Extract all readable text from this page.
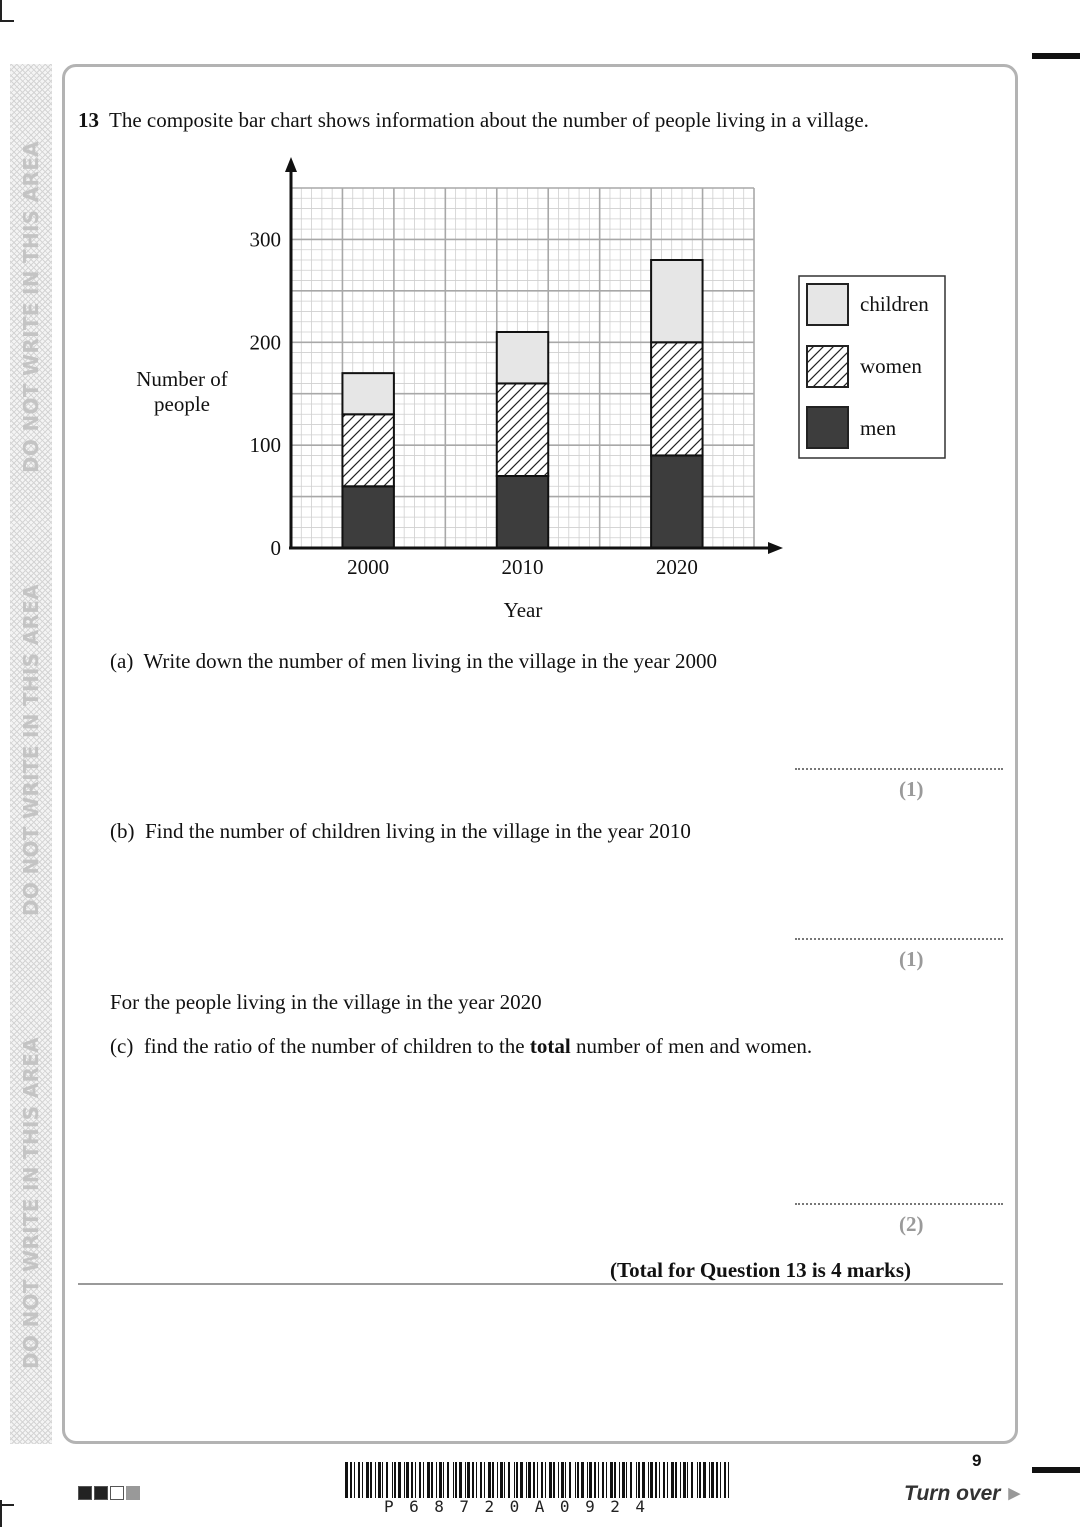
DO NOT WRITE IN THIS AREA
DO NOT WRITE IN THIS AREA
DO NOT WRITE IN THIS AREA
13 The composite bar chart shows information about the number of people living in a village.
0
100
200
300
2000	2010	2020
Number of
people
Year
children
women
men
(a) Write down the number of men living in the village in the year 2000
(1)
(b) Find the number of children living in the village in the year 2010
(1)
For the people living in the village in the year 2020
(c) find the ratio of the number of children to the total number of men and women.
(2)
(Total for Question 13 is 4 marks)
P68720A0924
9
Turn over ▶
